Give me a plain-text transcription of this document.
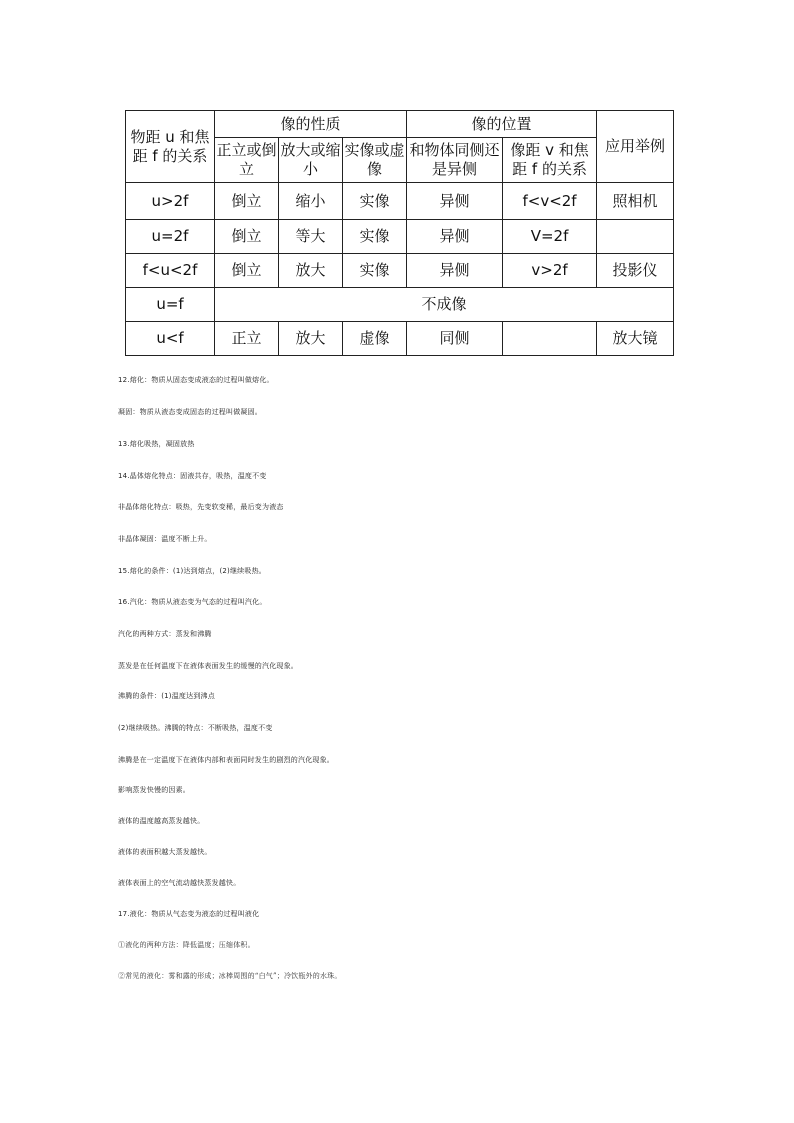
物距 u 和焦距 f 的关系	像的性质			像的位置		应用举例
	正立或倒立	放大或缩小	实像或虚像	和物体同侧还是异侧	像距 v 和焦距 f 的关系	
u>2f	倒立	缩小	实像	异侧	f<v<2f	照相机
u=2f	倒立	等大	实像	异侧	V=2f	
f<u<2f	倒立	放大	实像	异侧	v>2f	投影仪
u=f	不成像					
u<f	正立	放大	虚像	同侧		放大镜
12.熔化：物质从固态变成液态的过程叫做熔化。
凝固：物质从液态变成固态的过程叫做凝固。
13.熔化吸热，凝固放热
14.晶体熔化特点：固液共存，吸热，温度不变
非晶体熔化特点：吸热，先变软变稀，最后变为液态
非晶体凝固：温度不断上升。
15.熔化的条件：(1)达到熔点，(2)继续吸热。
16.汽化：物质从液态变为气态的过程叫汽化。
汽化的两种方式：蒸发和沸腾
蒸发是在任何温度下在液体表面发生的缓慢的汽化现象。
沸腾的条件：(1)温度达到沸点
(2)继续吸热。沸腾的特点：不断吸热，温度不变
沸腾是在一定温度下在液体内部和表面同时发生的剧烈的汽化现象。
影响蒸发快慢的因素。
液体的温度越高蒸发越快。
液体的表面积越大蒸发越快。
液体表面上的空气流动越快蒸发越快。
17.液化：物质从气态变为液态的过程叫液化
①液化的两种方法：降低温度；压缩体积。
②常见的液化：雾和露的形成；冰棒周围的“白气”；冷饮瓶外的水珠。
